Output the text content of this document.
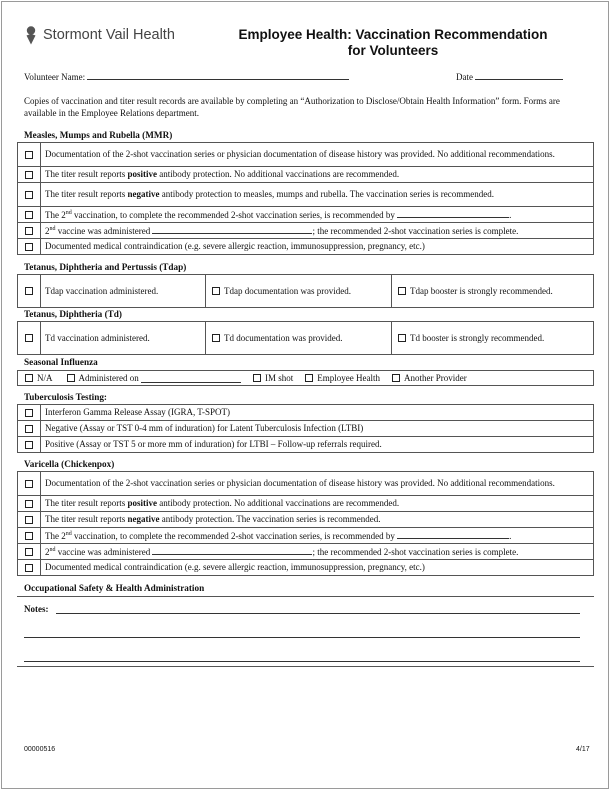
Stormont Vail Health	Employee Health: Vaccination Recommendation
for Volunteers
Volunteer Name:	Date
Copies of vaccination and titer result records are available by completing an “Authorization to Disclose/Obtain Health Information” form. Forms are available in the Employee Relations department.
Measles, Mumps and Rubella (MMR)
	Documentation of the 2-shot vaccination series or physician documentation of disease history was provided. No additional recommendations.
	The titer result reports positive antibody protection. No additional vaccinations are recommended.
	The titer result reports negative antibody protection to measles, mumps and rubella. The vaccination series is recommended.
	The 2nd vaccination, to complete the recommended 2-shot vaccination series, is recommended by .
	2nd vaccine was administered ; the recommended 2-shot vaccination series is complete.
	Documented medical contraindication (e.g. severe allergic reaction, immunosuppression, pregnancy, etc.)
Tetanus, Diphtheria and Pertussis (Tdap)
	Tdap vaccination administered.	Tdap documentation was provided.	Tdap booster is strongly recommended.
Tetanus, Diphtheria (Td)
	Td vaccination administered.	Td documentation was provided.	Td booster is strongly recommended.
Seasonal Influenza
N/A	Administered on
	IM shot	Employee Health	Another Provider
Tuberculosis Testing:
	Interferon Gamma Release Assay (IGRA, T-SPOT)
	Negative (Assay or TST 0-4 mm of induration) for Latent Tuberculosis Infection (LTBI)
	Positive (Assay or TST 5 or more mm of induration) for LTBI – Follow-up referrals required.
Varicella (Chickenpox)
	Documentation of the 2-shot vaccination series or physician documentation of disease history was provided. No additional recommendations.
	The titer result reports positive antibody protection. No additional vaccinations are recommended.
	The titer result reports negative antibody protection. The vaccination series is recommended.
	The 2nd vaccination, to complete the recommended 2-shot vaccination series, is recommended by .
	2nd vaccine was administered ; the recommended 2-shot vaccination series is complete.
	Documented medical contraindication (e.g. severe allergic reaction, immunosuppression, pregnancy, etc.)
Occupational Safety & Health Administration
Notes:
00000516	4/17
